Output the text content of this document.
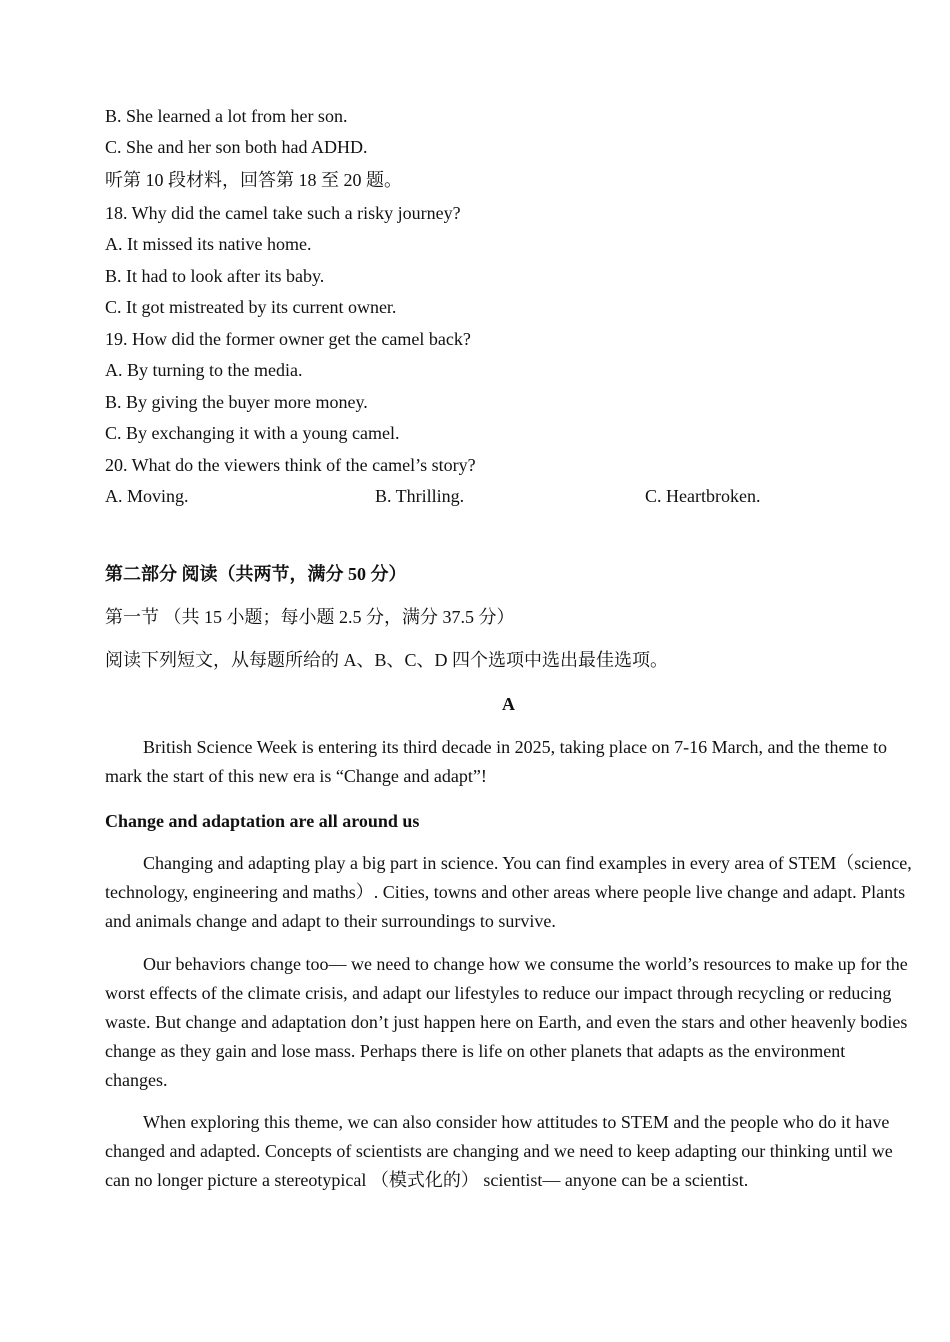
B. She learned a lot from her son.
C. She and her son both had ADHD.
听第 10 段材料，回答第 18 至 20 题。
18. Why did the camel take such a risky journey?
A. It missed its native home.
B. It had to look after its baby.
C. It got mistreated by its current owner.
19. How did the former owner get the camel back?
A. By turning to the media.
B. By giving the buyer more money.
C. By exchanging it with a young camel.
20. What do the viewers think of the camel’s story?
A. Moving.	B. Thrilling.	C. Heartbroken.
第二部分 阅读（共两节，满分 50 分）
第一节 （共 15 小题；每小题 2.5 分，满分 37.5 分）
阅读下列短文，从每题所给的 A、B、C、D 四个选项中选出最佳选项。
A
British Science Week is entering its third decade in 2025, taking place on 7-16 March, and the theme to mark the start of this new era is “Change and adapt”!
Change and adaptation are all around us
Changing and adapting play a big part in science. You can find examples in every area of STEM（science, technology, engineering and maths）. Cities, towns and other areas where people live change and adapt. Plants and animals change and adapt to their surroundings to survive.
Our behaviors change too— we need to change how we consume the world’s resources to make up for the worst effects of the climate crisis, and adapt our lifestyles to reduce our impact through recycling or reducing waste. But change and adaptation don’t just happen here on Earth, and even the stars and other heavenly bodies change as they gain and lose mass. Perhaps there is life on other planets that adapts as the environment changes.
When exploring this theme, we can also consider how attitudes to STEM and the people who do it have changed and adapted. Concepts of scientists are changing and we need to keep adapting our thinking until we can no longer picture a stereotypical （模式化的） scientist— anyone can be a scientist.
